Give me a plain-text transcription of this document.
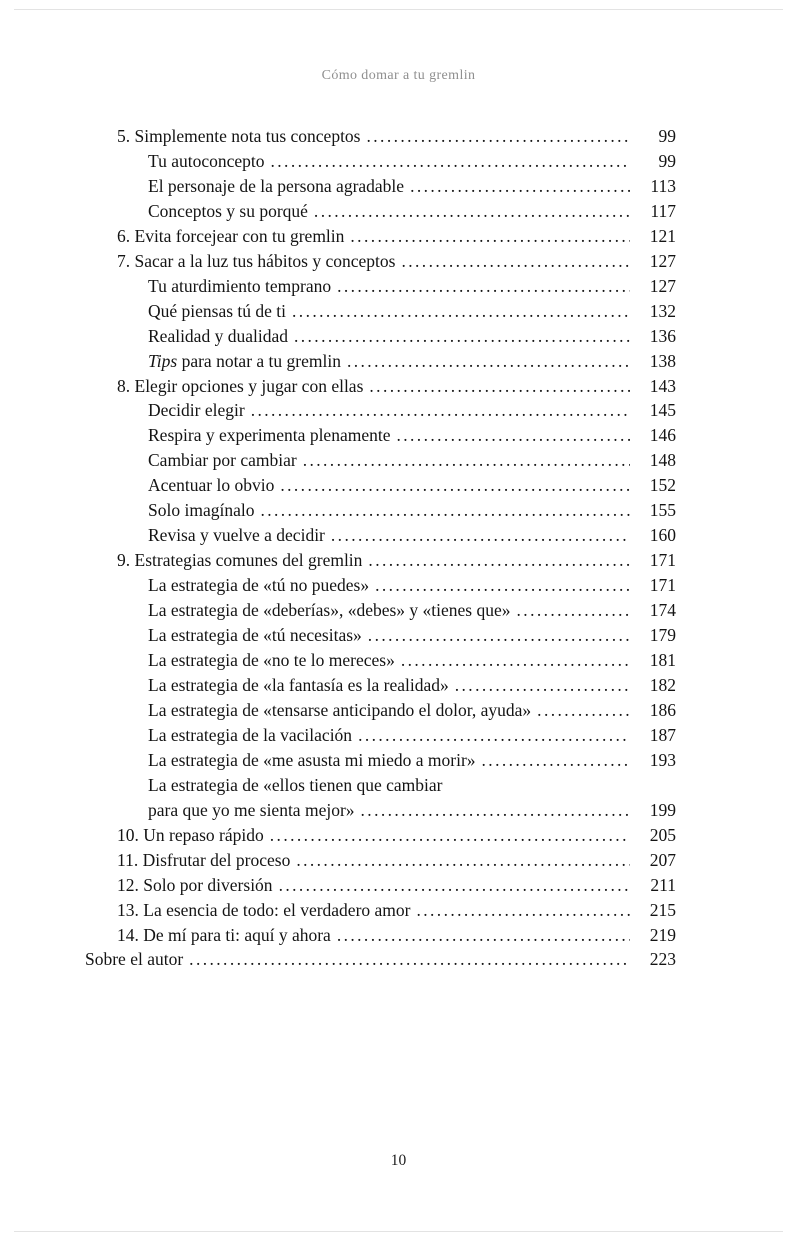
Cómo domar a tu gremlin
5. Simplemente nota tus conceptos .....	99
Tu autoconcepto .....	99
El personaje de la persona agradable .....	113
Conceptos y su porqué .....	117
6. Evita forcejear con tu gremlin .....	121
7. Sacar a la luz tus hábitos y conceptos .....	127
Tu aturdimiento temprano .....	127
Qué piensas tú de ti .....	132
Realidad y dualidad .....	136
Tips para notar a tu gremlin .....	138
8. Elegir opciones y jugar con ellas .....	143
Decidir elegir .....	145
Respira y experimenta plenamente .....	146
Cambiar por cambiar .....	148
Acentuar lo obvio .....	152
Solo imagínalo .....	155
Revisa y vuelve a decidir .....	160
9. Estrategias comunes del gremlin .....	171
La estrategia de «tú no puedes» .....	171
La estrategia de «deberías», «debes» y «tienes que» .....	174
La estrategia de «tú necesitas» .....	179
La estrategia de «no te lo mereces» .....	181
La estrategia de «la fantasía es la realidad» .....	182
La estrategia de «tensarse anticipando el dolor, ayuda» .....	186
La estrategia de la vacilación .....	187
La estrategia de «me asusta mi miedo a morir» .....	193
La estrategia de «ellos tienen que cambiar
para que yo me sienta mejor» .....	199
10. Un repaso rápido .....	205
11. Disfrutar del proceso .....	207
12. Solo por diversión .....	211
13. La esencia de todo: el verdadero amor .....	215
14. De mí para ti: aquí y ahora .....	219
Sobre el autor .....	223
10
